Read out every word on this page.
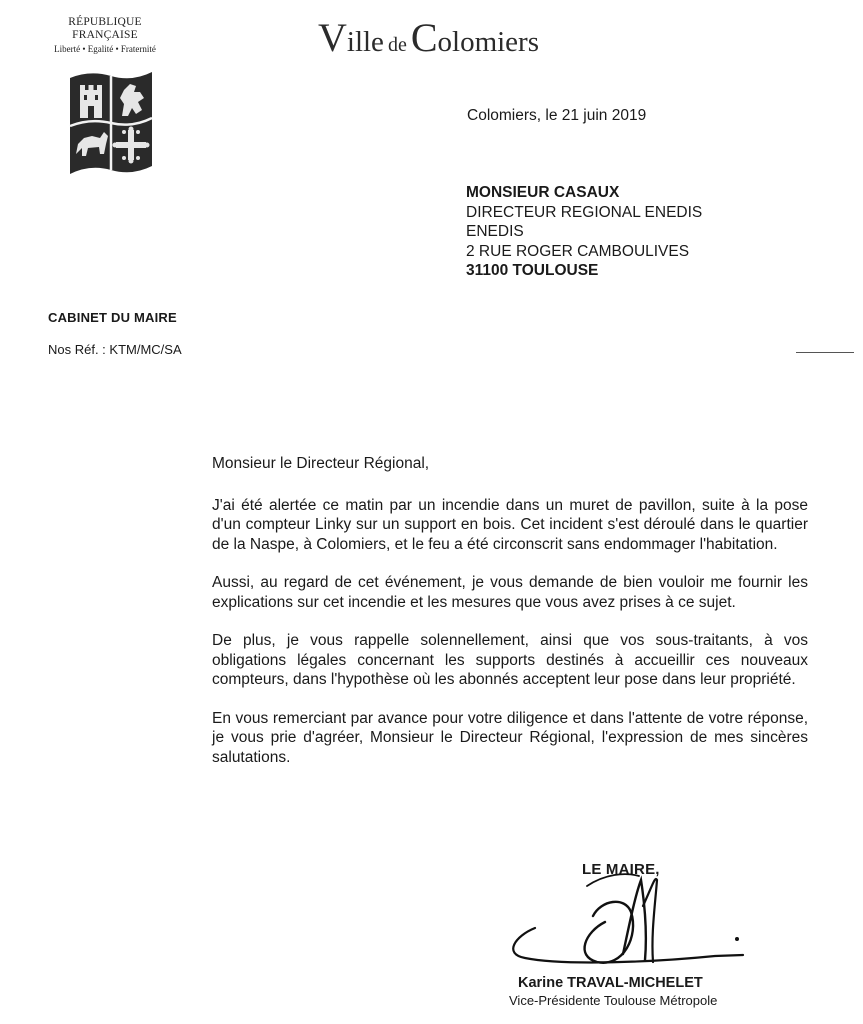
RÉPUBLIQUE
FRANÇAISE
Liberté • Egalité • Fraternité	Ville de Colomiers
Colomiers, le 21 juin 2019
MONSIEUR CASAUX
DIRECTEUR REGIONAL ENEDIS
ENEDIS
2 RUE ROGER CAMBOULIVES
31100 TOULOUSE
CABINET DU MAIRE
Nos Réf. : KTM/MC/SA

Monsieur le Directeur Régional,

J'ai été alertée ce matin par un incendie dans un muret de pavillon, suite à la pose d'un compteur Linky sur un support en bois. Cet incident s'est déroulé dans le quartier de la Naspe, à Colomiers, et le feu a été circonscrit sans endommager l'habitation.

Aussi, au regard de cet événement, je vous demande de bien vouloir me fournir les explications sur cet incendie et les mesures que vous avez prises à ce sujet.

De plus, je vous rappelle solennellement, ainsi que vos sous-traitants, à vos obligations légales concernant les supports destinés à accueillir ces nouveaux compteurs, dans l'hypothèse où les abonnés acceptent leur pose dans leur propriété.

En vous remerciant par avance pour votre diligence et dans l'attente de votre réponse, je vous prie d'agréer, Monsieur le Directeur Régional, l'expression de mes sincères salutations.

LE MAIRE,
Karine TRAVAL-MICHELET
Vice-Présidente Toulouse Métropole
